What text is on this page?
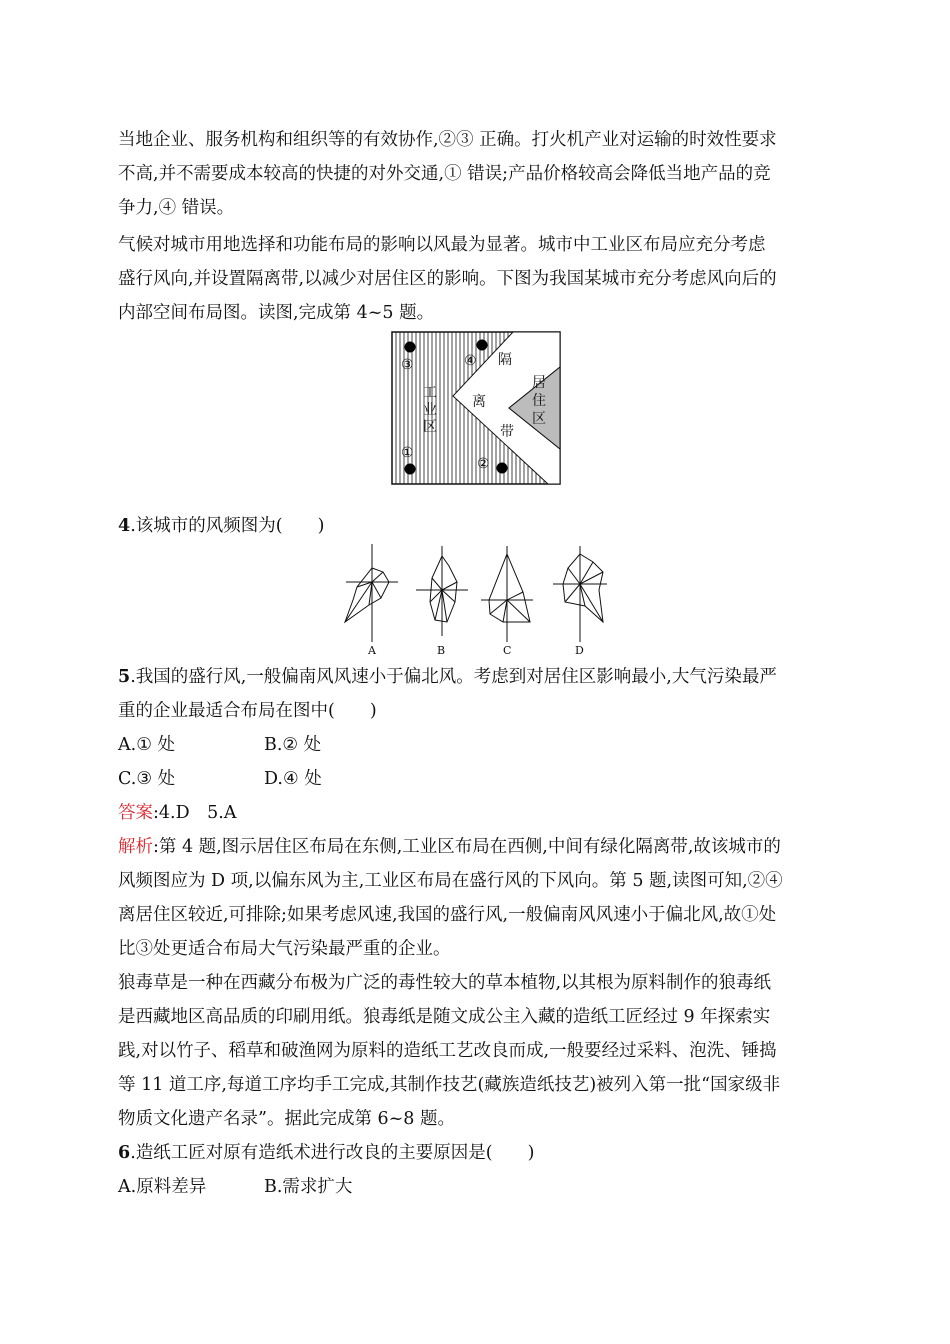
当地企业、服务机构和组织等的有效协作,②③ 正确。打火机产业对运输的时效性要求
不高,并不需要成本较高的快捷的对外交通,① 错误;产品价格较高会降低当地产品的竞
争力,④ 错误。
气候对城市用地选择和功能布局的影响以风最为显著。城市中工业区布局应充分考虑
盛行风向,并设置隔离带,以减少对居住区的影响。下图为我国某城市充分考虑风向后的
内部空间布局图。读图,完成第 4~5 题。
③	④
①
②
工
业
区
隔
离
带
居
住
区
4.该城市的风频图为(　　)
A	B	C	D
5.我国的盛行风,一般偏南风风速小于偏北风。考虑到对居住区影响最小,大气污染最严
重的企业最适合布局在图中(　　)
A.① 处	B.② 处
C.③ 处	D.④ 处
答案:4.D　5.A
解析:第 4 题,图示居住区布局在东侧,工业区布局在西侧,中间有绿化隔离带,故该城市的
风频图应为 D 项,以偏东风为主,工业区布局在盛行风的下风向。第 5 题,读图可知,②④
离居住区较近,可排除;如果考虑风速,我国的盛行风,一般偏南风风速小于偏北风,故①处
比③处更适合布局大气污染最严重的企业。
狼毒草是一种在西藏分布极为广泛的毒性较大的草本植物,以其根为原料制作的狼毒纸
是西藏地区高品质的印刷用纸。狼毒纸是随文成公主入藏的造纸工匠经过 9 年探索实
践,对以竹子、稻草和破渔网为原料的造纸工艺改良而成,一般要经过采料、泡洗、锤捣
等 11 道工序,每道工序均手工完成,其制作技艺(藏族造纸技艺)被列入第一批“国家级非
物质文化遗产名录”。据此完成第 6~8 题。
6.造纸工匠对原有造纸术进行改良的主要原因是(　　)
A.原料差异	B.需求扩大
